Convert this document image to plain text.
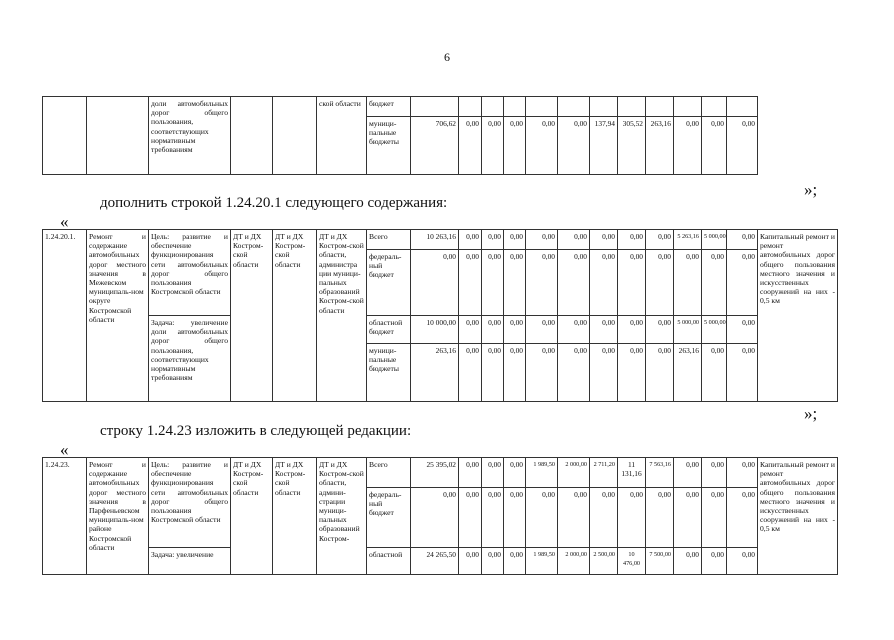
6
		доли автомобильных дорог общего пользования, соответствующих нормативным требованиям			ской области	бюджет												
						муници-пальные бюджеты	706,62	0,00	0,00	0,00	0,00	0,00	137,94	305,52	263,16	0,00	0,00	0,00
»;
дополнить строкой 1.24.20.1 следующего содержания:
«
1.24.20.1.	Ремонт и содержание автомобильных дорог местного значения в Межевском муниципаль-ном округе Костромской области	Цель: развитие и обеспечение функционирования сети автомобильных дорог общего пользования Костромской области	ДТ и ДХ Костром-ской области	ДТ и ДХ Костром-ской области	ДТ и ДХ Костром-ской области, администра ции муници-пальных образований Костром-ской области	Всего	10 263,16	0,00	0,00	0,00	0,00	0,00	0,00	0,00	0,00	5 263,16	5 000,00	0,00	Капитальный ремонт и ремонт автомобильных дорог общего пользования местного значения и искусственных сооружений на них - 0,5 км
						федераль-ный бюджет	0,00	0,00	0,00	0,00	0,00	0,00	0,00	0,00	0,00	0,00	0,00	0,00	
		Задача: увеличение доли автомобильных дорог общего пользования, соответствующих нормативным требованиям				областной бюджет	10 000,00	0,00	0,00	0,00	0,00	0,00	0,00	0,00	0,00	5 000,00	5 000,00	0,00	
						муници-пальные бюджеты	263,16	0,00	0,00	0,00	0,00	0,00	0,00	0,00	0,00	263,16	0,00	0,00	
»;
строку 1.24.23 изложить в следующей редакции:
«
1.24.23.	Ремонт и содержание автомобильных дорог местного значения в Парфеньевском муниципаль-ном районе Костромской области	Цель: развитие и обеспечение функционирования сети автомобильных дорог общего пользования Костромской области	ДТ и ДХ Костром-ской области	ДТ и ДХ Костром-ской области	ДТ и ДХ Костром-ской области, админи-страции муници-пальных образований Костром-	Всего	25 395,02	0,00	0,00	0,00	1 989,50	2 000,00	2 711,20	11 131,16	7 563,16	0,00	0,00	0,00	Капитальный ремонт и ремонт автомобильных дорог общего пользования местного значения и искусственных сооружений на них - 0,5 км
						федераль-ный бюджет	0,00	0,00	0,00	0,00	0,00	0,00	0,00	0,00	0,00	0,00	0,00	0,00	
		Задача: увеличение				областной	24 265,50	0,00	0,00	0,00	1 989,50	2 000,00	2 500,00	10 476,00	7 500,00	0,00	0,00	0,00	
